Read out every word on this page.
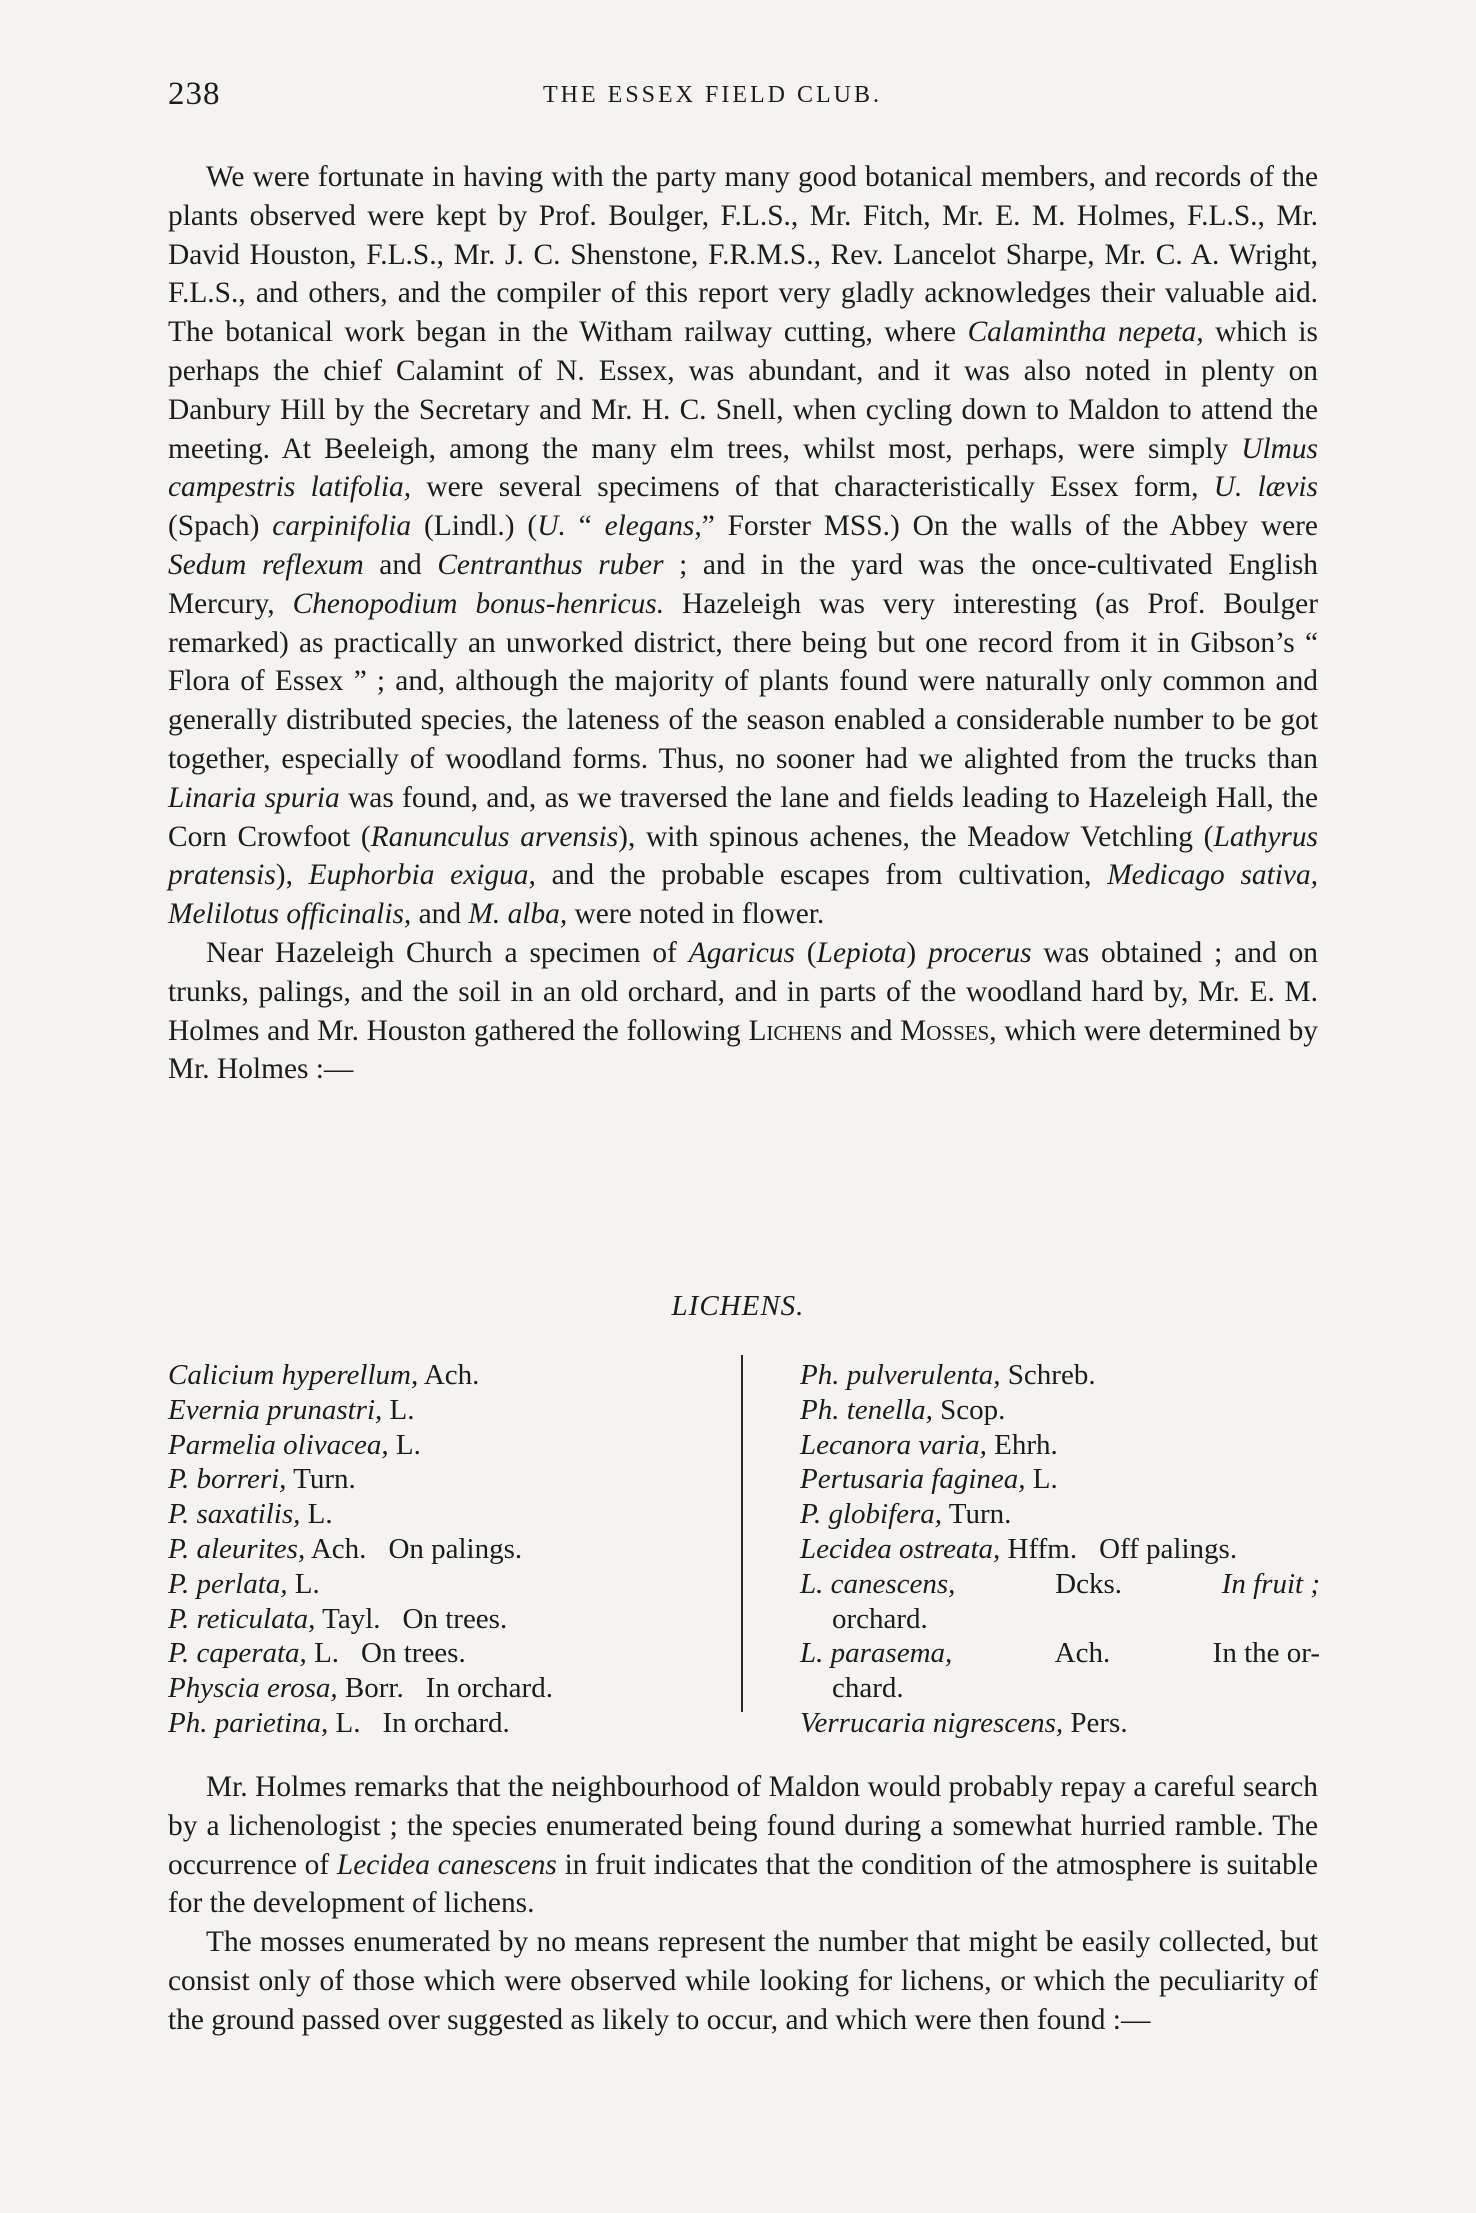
238	THE ESSEX FIELD CLUB.

We were fortunate in having with the party many good botanical members, and records of the plants observed were kept by Prof. Boulger, F.L.S., Mr. Fitch, Mr. E. M. Holmes, F.L.S., Mr. David Houston, F.L.S., Mr. J. C. Shenstone, F.R.M.S., Rev. Lancelot Sharpe, Mr. C. A. Wright, F.L.S., and others, and the compiler of this report very gladly acknowledges their valuable aid. The botanical work began in the Witham railway cutting, where Calamintha nepeta, which is perhaps the chief Calamint of N. Essex, was abundant, and it was also noted in plenty on Danbury Hill by the Secretary and Mr. H. C. Snell, when cycling down to Maldon to attend the meeting. At Beeleigh, among the many elm trees, whilst most, perhaps, were simply Ulmus campestris latifolia, were several specimens of that characteristically Essex form, U. lævis (Spach) carpinifolia (Lindl.) (U. “ elegans,” Forster MSS.) On the walls of the Abbey were Sedum reflexum and Centranthus ruber ; and in the yard was the once-cultivated English Mercury, Chenopodium bonus-henricus. Hazeleigh was very interesting (as Prof. Boulger remarked) as practically an unworked district, there being but one record from it in Gibson’s “ Flora of Essex ” ; and, although the majority of plants found were naturally only common and generally distributed species, the lateness of the season enabled a considerable number to be got together, especially of woodland forms. Thus, no sooner had we alighted from the trucks than Linaria spuria was found, and, as we traversed the lane and fields leading to Hazeleigh Hall, the Corn Crowfoot (Ranunculus arvensis), with spinous achenes, the Meadow Vetchling (Lathyrus pratensis), Euphorbia exigua, and the probable escapes from cultivation, Medicago sativa, Melilotus officinalis, and M. alba, were noted in flower.

Near Hazeleigh Church a specimen of Agaricus (Lepiota) procerus was obtained ; and on trunks, palings, and the soil in an old orchard, and in parts of the woodland hard by, Mr. E. M. Holmes and Mr. Houston gathered the following Lichens and Mosses, which were determined by Mr. Holmes :—

LICHENS.
Calicium hyperellum, Ach.
Evernia prunastri, L.
Parmelia olivacea, L.
P. borreri, Turn.
P. saxatilis, L.
P. aleurites, Ach. On palings.
P. perlata, L.
P. reticulata, Tayl. On trees.
P. caperata, L. On trees.
Physcia erosa, Borr. In orchard.
Ph. parietina, L. In orchard.
Ph. pulverulenta, Schreb.
Ph. tenella, Scop.
Lecanora varia, Ehrh.
Pertusaria faginea, L.
P. globifera, Turn.
Lecidea ostreata, Hffm. Off palings.
L. canescens,	Dcks.	In fruit ;
orchard.
L. parasema,	Ach.	In the or-
chard.
Verrucaria nigrescens, Pers.

Mr. Holmes remarks that the neighbourhood of Maldon would probably repay a careful search by a lichenologist ; the species enumerated being found during a somewhat hurried ramble. The occurrence of Lecidea canescens in fruit indicates that the condition of the atmosphere is suitable for the development of lichens.

The mosses enumerated by no means represent the number that might be easily collected, but consist only of those which were observed while looking for lichens, or which the peculiarity of the ground passed over suggested as likely to occur, and which were then found :—
